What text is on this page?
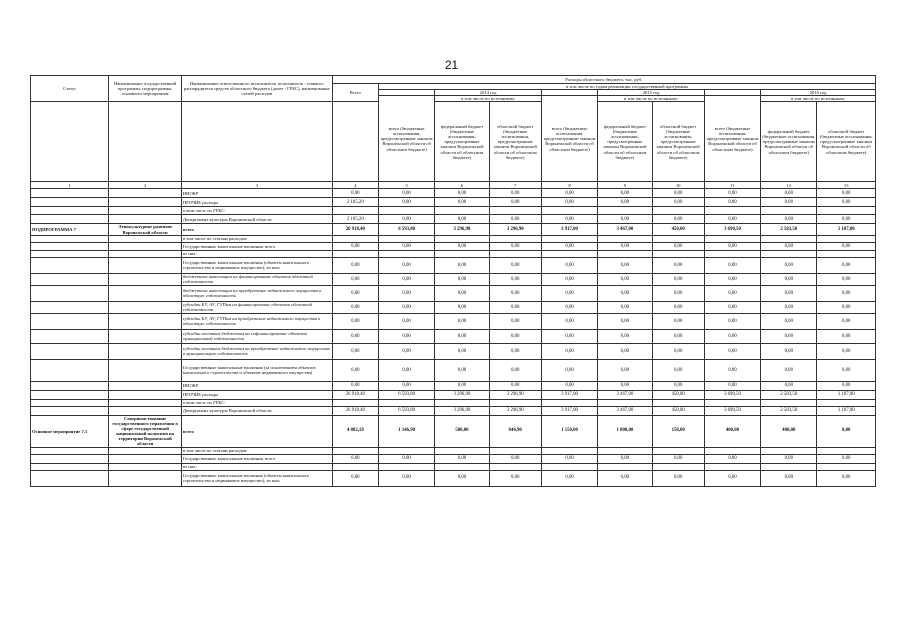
21
Статус	Наименование государственной программы, подпрограммы, основного мероприятия	Наименование ответственного исполнителя, исполнителя - главного распорядителя средств областного бюджета (далее - ГРБС), наименование статей расходов	Расходы областного бюджета, тыс. руб.									
			Всего	в том числе по годам реализации государственной программы								
					2014 год			2015 год			2016 год	
				всего (бюджетные ассигнования, предусмотренные законом Воронежской области об областном бюджете)	в том числе по источникам:		всего (бюджетные ассигнования, предусмотренные законом Воронежской области об областном бюджете)	в том числе по источникам:		всего (бюджетные ассигнования, предусмотренные законом Воронежской области об областном бюджете)	в том числе по источникам:	
					федеральный бюджет (бюджетные ассигнования, предусмотренные законом Воронежской области об областном бюджете)	областной бюджет (бюджетные ассигнования, предусмотренные законом Воронежской области об областном бюджете)		федеральный бюджет (бюджетные ассигнования, предусмотренные законом Воронежской области об областном бюджете)	областной бюджет (бюджетные ассигнования, предусмотренные законом Воронежской области об областном бюджете)		федеральный бюджет (бюджетные ассигнования, предусмотренные законом Воронежской области об областном бюджете)	областной бюджет (бюджетные ассигнования, предусмотренные законом Воронежской области об областном бюджете)
1	2	3	4	5	6	7	8	9	10	11	12	13
		НИОКР	0,00	0,00	0,00	0,00	0,00	0,00	0,00	0,00	0,00	0,00
		ПРОЧИЕ расходы	2 105,20	0,00	0,00	0,00	0,00	0,00	0,00	0,00	0,00	0,00
		в том числе по ГРБС:										
		Департамент культуры Воронежской области	2 105,20	0,00	0,00	0,00	0,00	0,00	0,00	0,00	0,00	0,00
ПОДПРОГРАММА 7	Этнокультурное развитие Воронежской области	всего	26 918,40	6 593,80	3 296,90	3 296,90	3 917,00	3 467,00	450,00	3 690,50	2 583,50	1 107,00
		в том числе по статьям расходов:										
		Государственные капитальные вложения, всего	0,00	0,00	0,00	0,00	0,00	0,00	0,00	0,00	0,00	0,00
		из них:										
		Государственные капитальные вложения (объекты капитального строительства и недвижимое имущество), из них:	0,00	0,00	0,00	0,00	0,00	0,00	0,00	0,00	0,00	0,00
		бюджетные инвестиции на финансирование объектов областной собственности	0,00	0,00	0,00	0,00	0,00	0,00	0,00	0,00	0,00	0,00
		бюджетные инвестиции на приобретение недвижимого имущества в областную собственность	0,00	0,00	0,00	0,00	0,00	0,00	0,00	0,00	0,00	0,00
		субсидии БУ, АУ, ГУПам на финансирование объектов областной собственности	0,00	0,00	0,00	0,00	0,00	0,00	0,00	0,00	0,00	0,00
		субсидии БУ, АУ, ГУПам на приобретение недвижимого имущества в областную собственность	0,00	0,00	0,00	0,00	0,00	0,00	0,00	0,00	0,00	0,00
		субсидии местным бюджетам на софинансирование объектов муниципальной собственности	0,00	0,00	0,00	0,00	0,00	0,00	0,00	0,00	0,00	0,00
		субсидии местным бюджетам на приобретение недвижимого имущества в муниципальную собственность	0,00	0,00	0,00	0,00	0,00	0,00	0,00	0,00	0,00	0,00
		Государственные капитальные вложения (за исключением объектов капитального строительства и объектов недвижимого имущества)	0,00	0,00	0,00	0,00	0,00	0,00	0,00	0,00	0,00	0,00
		НИОКР	0,00	0,00	0,00	0,00	0,00	0,00	0,00	0,00	0,00	0,00
		ПРОЧИЕ расходы	26 918,40	6 593,80	3 296,90	3 296,90	3 917,00	3 467,00	450,00	3 690,50	2 583,50	1 107,00
		в том числе по ГРБС:										
		Департамент культуры Воронежской области	26 918,40	6 593,80	3 296,90	3 296,90	3 917,00	3 467,00	450,00	3 690,50	2 583,50	1 107,00
Основное мероприятие 7.1	Совершенствование государственного управления в сфере государственной национальной политики на территории Воронежской области	всего	4 802,10	1 146,90	500,00	646,90	1 150,00	1 000,00	150,00	400,00	400,00	0,00
		в том числе по статьям расходов:										
		Государственные капитальные вложения, всего	0,00	0,00	0,00	0,00	0,00	0,00	0,00	0,00	0,00	0,00
		из них:										
		Государственные капитальные вложения (объекты капитального строительства и недвижимое имущество), из них:	0,00	0,00	0,00	0,00	0,00	0,00	0,00	0,00	0,00	0,00
